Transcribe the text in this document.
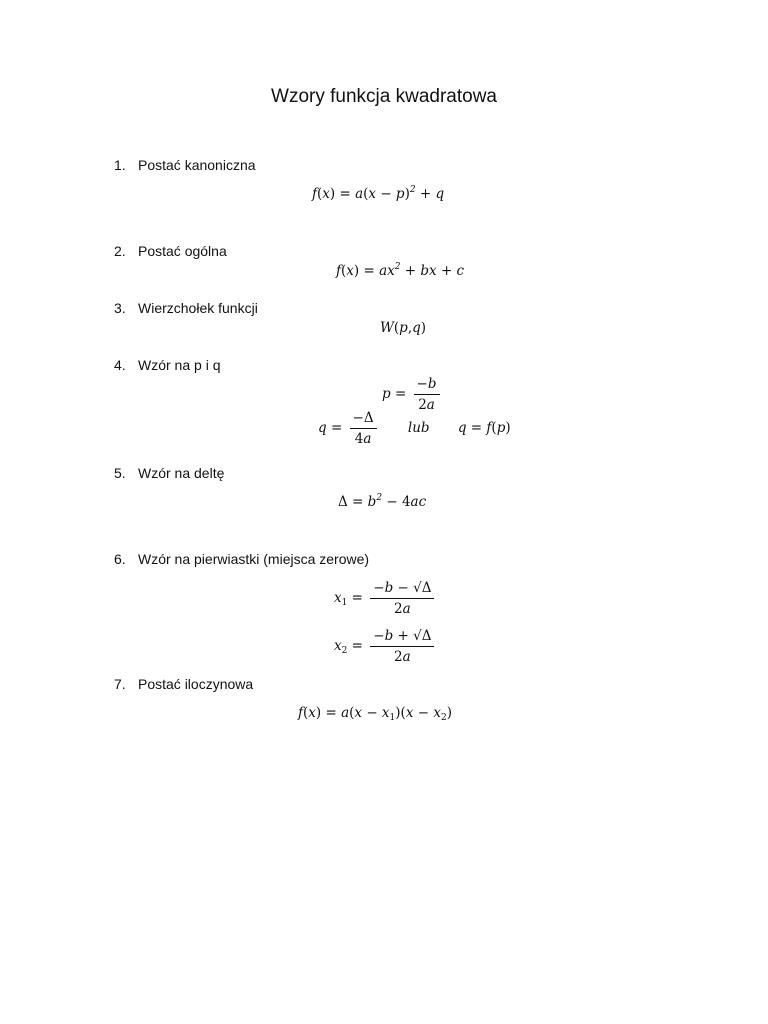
Wzory funkcja kwadratowa
1. Postać kanoniczna
$f(x) = a(x - p)^2 + q$
2. Postać ogólna
$f(x) = ax^2$ + bx + c
3. Wierzchołek funkcji
W(p,q)
4. Wzór na p i q
$p = \frac{-b}{2a}$
$q = \frac{-\Delta}{4a}$ lub q = f(p)
5. Wzór na deltę
$\Delta = b^2 - 4ac$
6. Wzór na pierwiastki (miejsca zerowe)
$x_1 = \frac{-b - √\Delta}{2a}$
$x_2 = \frac{-b + √\Delta}{2a}$
7. Postać iloczynowa
$f(x) = a(x - x_1)(x - x_2)$
